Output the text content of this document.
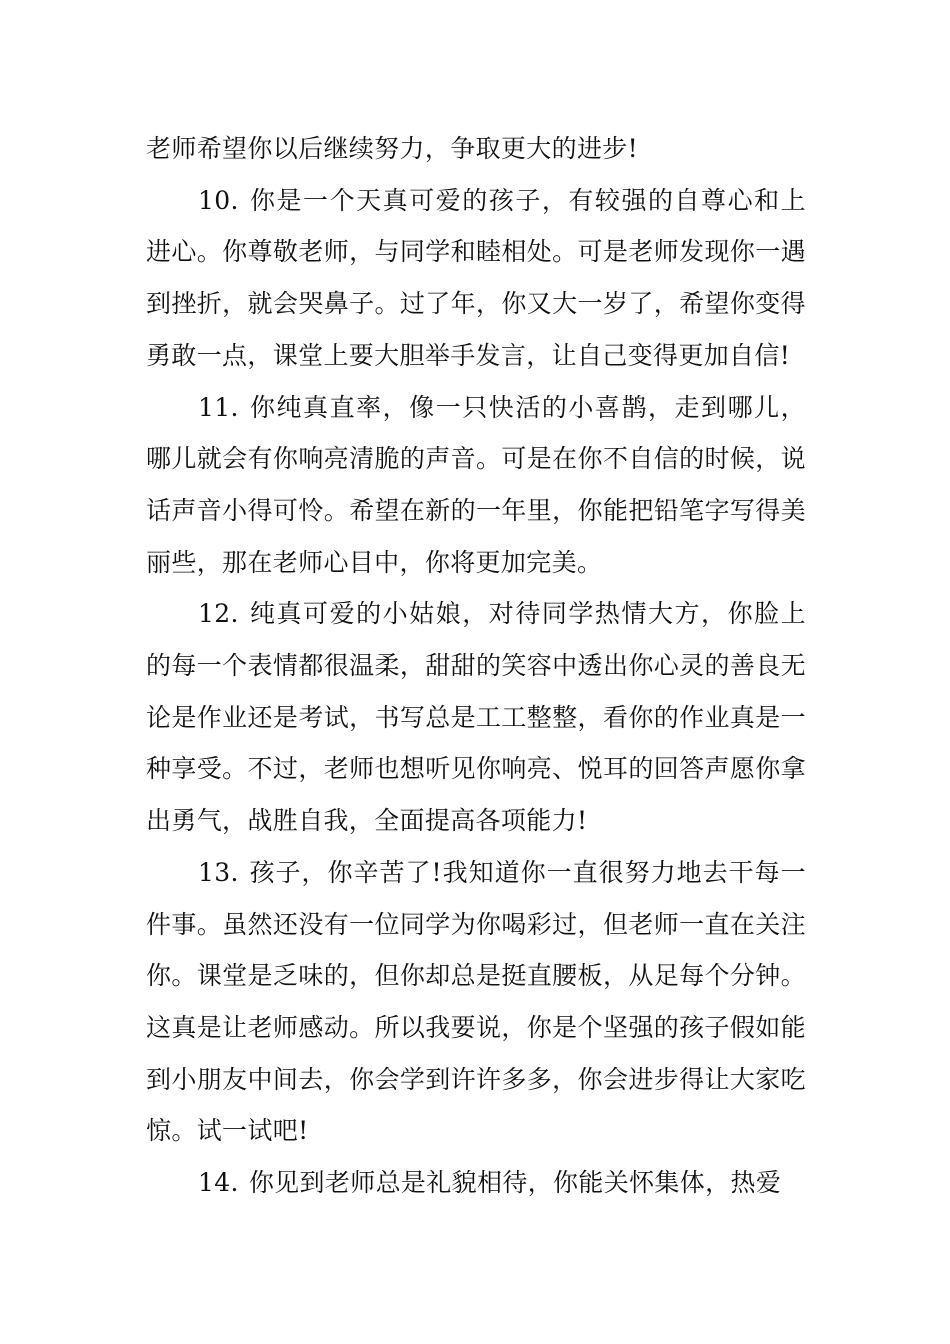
老师希望你以后继续努力，争取更大的进步!

10. 你是一个天真可爱的孩子，有较强的自尊心和上进心。你尊敬老师，与同学和睦相处。可是老师发现你一遇到挫折，就会哭鼻子。过了年，你又大一岁了，希望你变得勇敢一点，课堂上要大胆举手发言，让自己变得更加自信!

11. 你纯真直率，像一只快活的小喜鹊，走到哪儿，哪儿就会有你响亮清脆的声音。可是在你不自信的时候，说话声音小得可怜。希望在新的一年里，你能把铅笔字写得美丽些，那在老师心目中，你将更加完美。

12. 纯真可爱的小姑娘，对待同学热情大方，你脸上的每一个表情都很温柔，甜甜的笑容中透出你心灵的善良无论是作业还是考试，书写总是工工整整，看你的作业真是一种享受。不过，老师也想听见你响亮、悦耳的回答声愿你拿出勇气，战胜自我，全面提高各项能力!

13. 孩子，你辛苦了!我知道你一直很努力地去干每一件事。虽然还没有一位同学为你喝彩过，但老师一直在关注你。课堂是乏味的，但你却总是挺直腰板，从足每个分钟。这真是让老师感动。所以我要说，你是个坚强的孩子假如能到小朋友中间去，你会学到许许多多，你会进步得让大家吃惊。试一试吧!

14. 你见到老师总是礼貌相待，你能关怀集体，热爱
